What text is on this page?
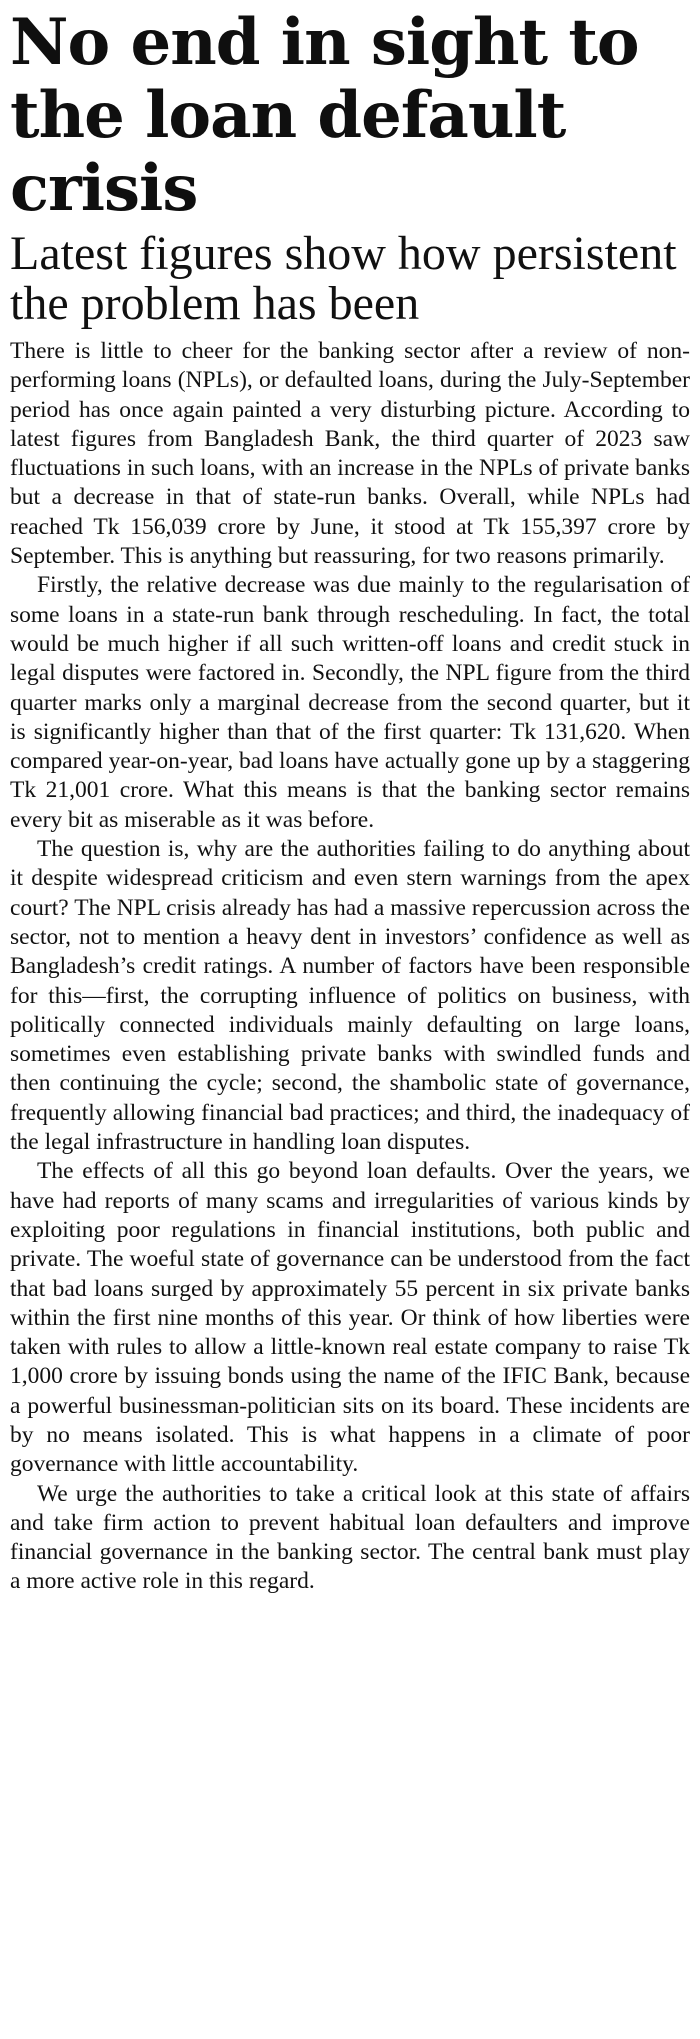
No end in sight to the loan default crisis
Latest figures show how persistent the problem has been

There is little to cheer for the banking sector after a review of non-performing loans (NPLs), or defaulted loans, during the July-September period has once again painted a very disturbing picture. According to latest figures from Bangladesh Bank, the third quarter of 2023 saw fluctuations in such loans, with an increase in the NPLs of private banks but a decrease in that of state-run banks. Overall, while NPLs had reached Tk 156,039 crore by June, it stood at Tk 155,397 crore by September. This is anything but reassuring, for two reasons primarily.

Firstly, the relative decrease was due mainly to the regularisation of some loans in a state-run bank through rescheduling. In fact, the total would be much higher if all such written-off loans and credit stuck in legal disputes were factored in. Secondly, the NPL figure from the third quarter marks only a marginal decrease from the second quarter, but it is significantly higher than that of the first quarter: Tk 131,620. When compared year-on-year, bad loans have actually gone up by a staggering Tk 21,001 crore. What this means is that the banking sector remains every bit as miserable as it was before.

The question is, why are the authorities failing to do anything about it despite widespread criticism and even stern warnings from the apex court? The NPL crisis already has had a massive repercussion across the sector, not to mention a heavy dent in investors’ confidence as well as Bangladesh’s credit ratings. A number of factors have been responsible for this—first, the corrupting influence of politics on business, with politically connected individuals mainly defaulting on large loans, sometimes even establishing private banks with swindled funds and then continuing the cycle; second, the shambolic state of governance, frequently allowing financial bad practices; and third, the inadequacy of the legal infrastructure in handling loan disputes.

The effects of all this go beyond loan defaults. Over the years, we have had reports of many scams and irregularities of various kinds by exploiting poor regulations in financial institutions, both public and private. The woeful state of governance can be understood from the fact that bad loans surged by approximately 55 percent in six private banks within the first nine months of this year. Or think of how liberties were taken with rules to allow a little-known real estate company to raise Tk 1,000 crore by issuing bonds using the name of the IFIC Bank, because a powerful businessman-politician sits on its board. These incidents are by no means isolated. This is what happens in a climate of poor governance with little accountability.

We urge the authorities to take a critical look at this state of affairs and take firm action to prevent habitual loan defaulters and improve financial governance in the banking sector. The central bank must play a more active role in this regard.
